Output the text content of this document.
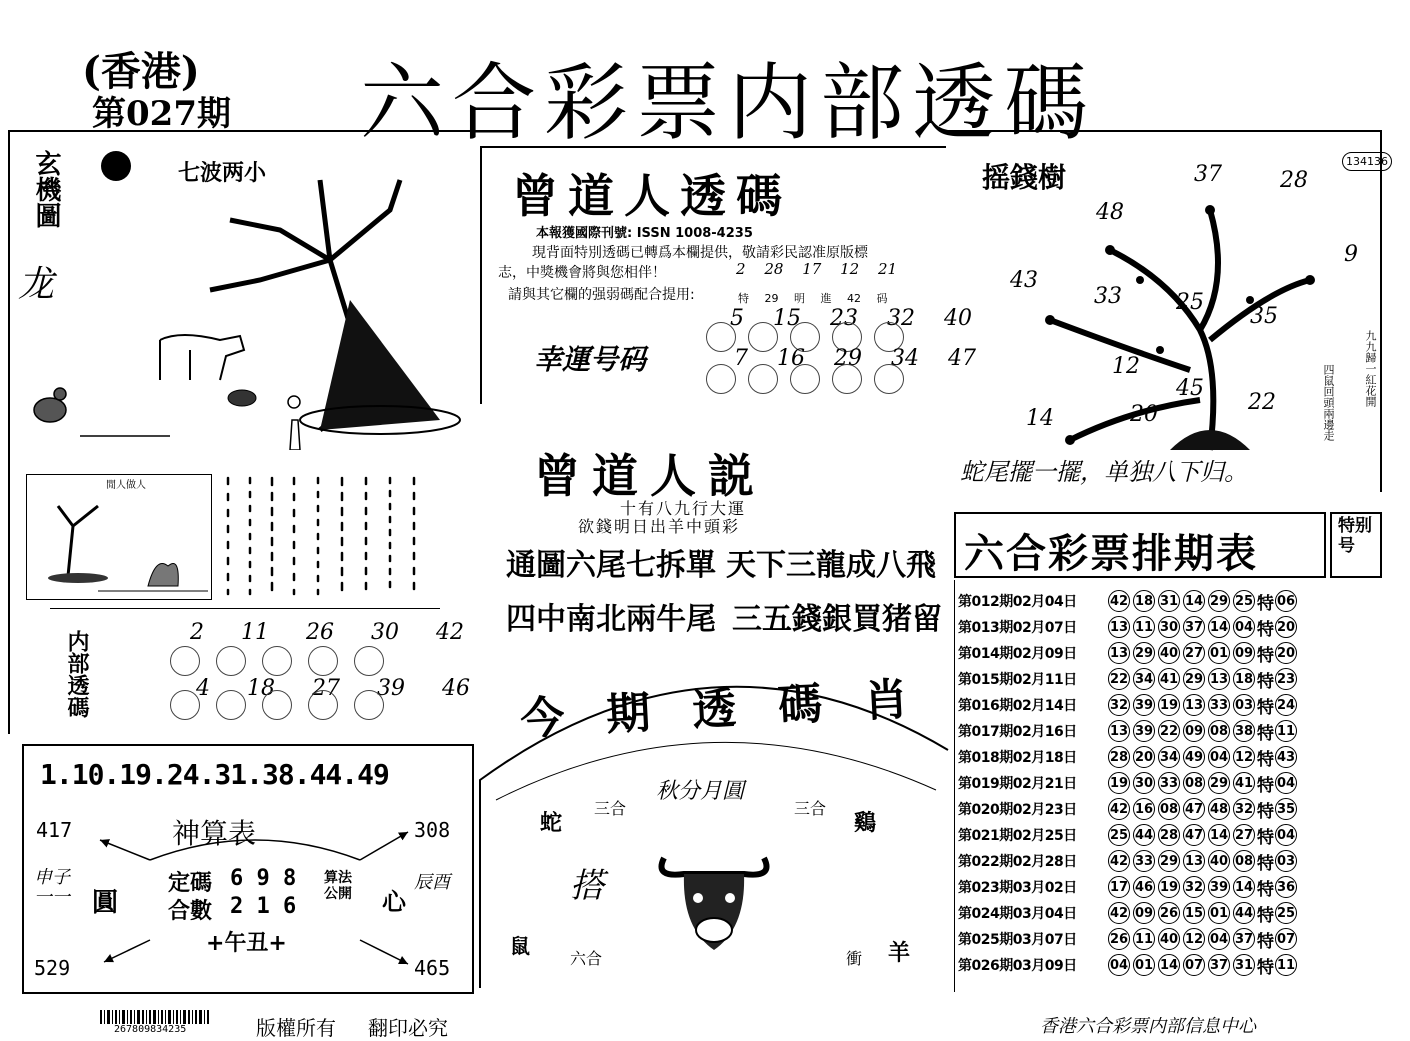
(香港)
第027期 六合彩票内部透碼
玄機圖
龙
七波两小
閒人做人
内部透碼	2 11 26 30 42
4 18 27 39 46
1.10.19.24.31.38.44.49
神算表
417	308
529	465
申子一一 圓	心
辰酉
定碼 6 9 8
合數 2 1 6
算法公開
+午丑+
曾道人透碼
本報獲國際刊號: ISSN 1008-4235
現背面特別透碼已轉爲本欄提供，敬請彩民認准原版標
志，中獎機會將與您相伴！
請與其它欄的强弱碼配合提用:
2 28 17 12 21
特 29 明 進 42 码
幸運号码
5 15 23 32 40
7 16 29 34 47
曾道人説
十有八九行大運
欲錢明日出羊中頭彩
通圖六尾七拆單 天下三龍成八飛
四中南北兩牛尾 三五錢銀買猪留
今期透碼肖
秋分月圓
蛇
三合	三合
鷄
搭
鼠
六合	衝 羊
摇錢樹	134136
37	28
48
9
43
33 25
35
12
45
14	20	22	九九歸一紅花開
四鼠回頭兩邊走
蛇尾擺一擺，单独八下归。
六合彩票排期表
特别号
第012期02月04日	42 18 31 14 29 25 特 06
第013期02月07日	13 11 30 37 14 04 特 20
第014期02月09日	13 29 40 27 01 09 特 20
第015期02月11日	22 34 41 29 13 18 特 23
第016期02月14日	32 39 19 13 33 03 特 24
第017期02月16日	13 39 22 09 08 38 特 11
第018期02月18日	28 20 34 49 04 12 特 43
第019期02月21日	19 30 33 08 29 41 特 04
第020期02月23日	42 16 08 47 48 32 特 35
第021期02月25日	25 44 28 47 14 27 特 04
第022期02月28日	42 33 29 13 40 08 特 03
第023期03月02日	17 46 19 32 39 14 特 36
第024期03月04日	42 09 26 15 01 44 特 25
第025期03月07日	26 11 40 12 04 37 特 07
第026期03月09日	04 01 14 07 37 31 特 11
267809834235	版權所有 翻印必究	香港六合彩票内部信息中心
